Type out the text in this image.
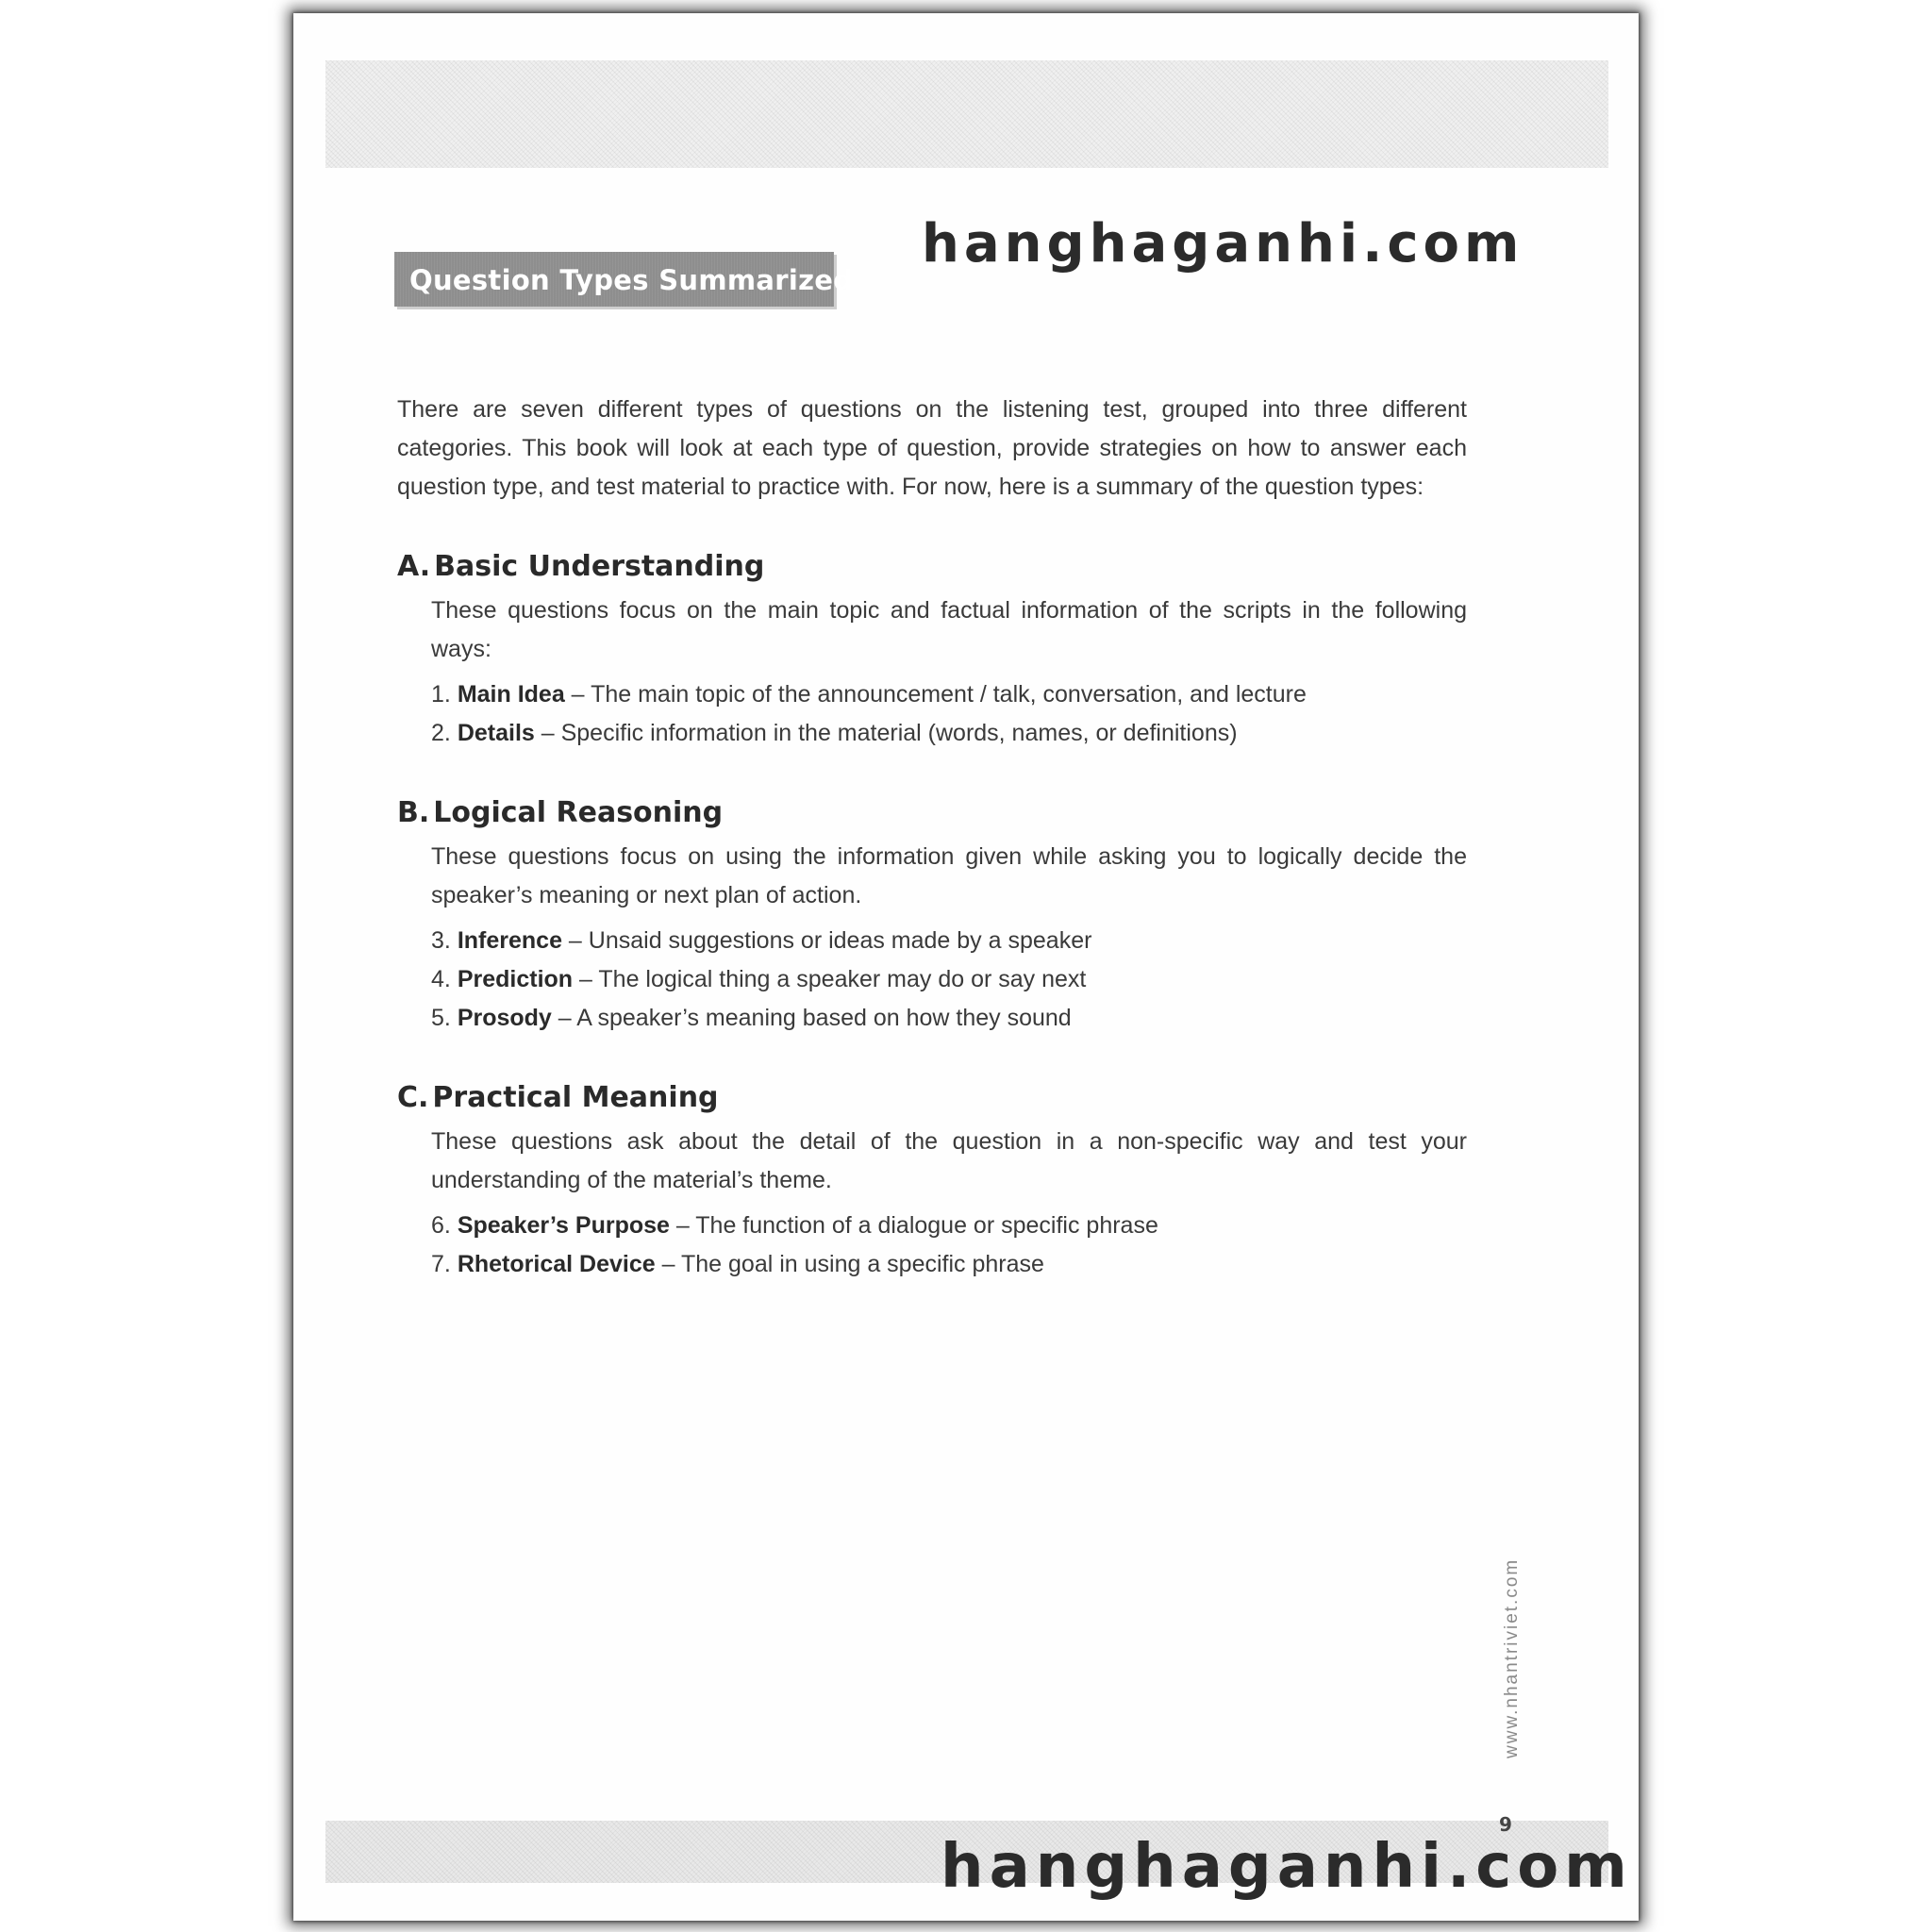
hanghaganhi.com
Question Types Summarized

There are seven different types of questions on the listening test, grouped into three different categories. This book will look at each type of question, provide strategies on how to answer each question type, and test material to practice with. For now, here is a summary of the question types:

A. Basic Understanding

These questions focus on the main topic and factual information of the scripts in the following ways:

1. Main Idea – The main topic of the announcement / talk, conversation, and lecture
2. Details – Specific information in the material (words, names, or definitions)
B. Logical Reasoning

These questions focus on using the information given while asking you to logically decide the speaker’s meaning or next plan of action.

3. Inference – Unsaid suggestions or ideas made by a speaker
4. Prediction – The logical thing a speaker may do or say next
5. Prosody – A speaker’s meaning based on how they sound
C. Practical Meaning

These questions ask about the detail of the question in a non-specific way and test your understanding of the material’s theme.

6. Speaker’s Purpose – The function of a dialogue or specific phrase
7. Rhetorical Device – The goal in using a specific phrase
www.nhantriviet.com
9
hanghaganhi.com
